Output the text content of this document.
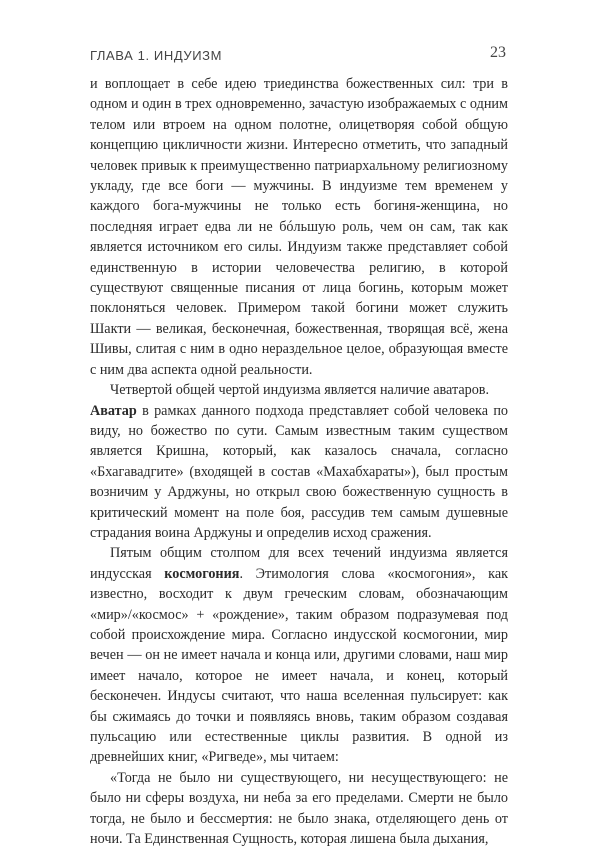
ГЛАВА 1. ИНДУИЗМ	23

и воплощает в себе идею триединства божественных сил: три в одном и один в трех одновременно, зачастую изображаемых с одним телом или втроем на одном полотне, олицетворяя собой общую концепцию цикличности жизни. Интересно отметить, что западный человек привык к преимущественно патриархальному религиозному укладу, где все боги — мужчины. В индуизме тем временем у каждого бога-мужчины не только есть богиня-женщина, но последняя играет едва ли не бóльшую роль, чем он сам, так как является источником его силы. Индуизм также представляет собой единственную в истории человечества религию, в которой существуют священные писания от лица богинь, которым может поклоняться человек. Примером такой богини может служить Шакти — великая, бесконечная, божественная, творящая всё, жена Шивы, слитая с ним в одно нераздельное целое, образующая вместе с ним два аспекта одной реальности.

Четвертой общей чертой индуизма является наличие аватаров.
Аватар в рамках данного подхода представляет собой человека по виду, но божество по сути. Самым известным таким существом является Кришна, который, как казалось сначала, согласно «Бхагавадгите» (входящей в состав «Махабхараты»), был простым возничим у Арджуны, но открыл свою божественную сущность в критический момент на поле боя, рассудив тем самым душевные страдания воина Арджуны и определив исход сражения.

Пятым общим столпом для всех течений индуизма является индусская космогония. Этимология слова «космогония», как известно, восходит к двум греческим словам, обозначающим «мир»/«космос» + «рождение», таким образом подразумевая под собой происхождение мира. Согласно индусской космогонии, мир вечен — он не имеет начала и конца или, другими словами, наш мир имеет начало, которое не имеет начала, и конец, который бесконечен. Индусы считают, что наша вселенная пульсирует: как бы сжимаясь до точки и появляясь вновь, таким образом создавая пульсацию или естественные циклы развития. В одной из древнейших книг, «Ригведе», мы читаем:

«Тогда не было ни существующего, ни несуществующего: не было ни сферы воздуха, ни неба за его пределами. Смерти не было тогда, не было и бессмертия: не было знака, отделяющего день от ночи. Та Единственная Сущность, которая лишена была дыхания,
